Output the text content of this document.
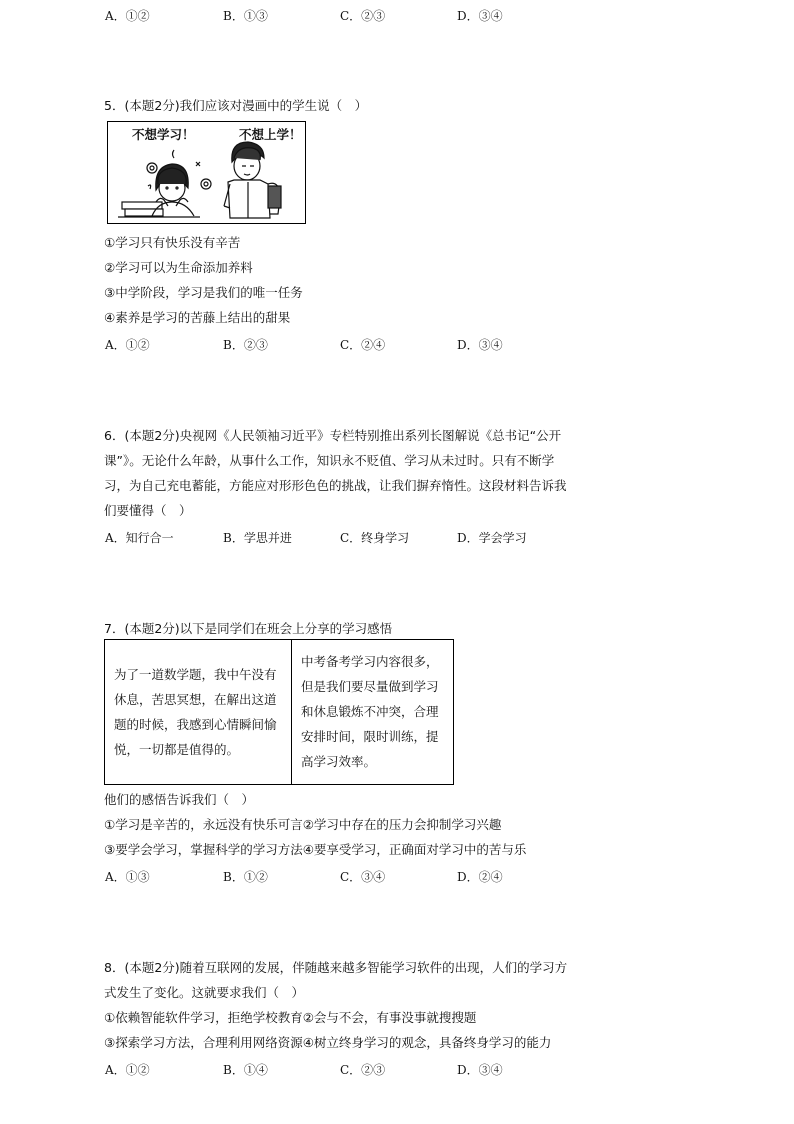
A．①②	B．①③	C．②③	D．③④
5．(本题2分)我们应该对漫画中的学生说（　）
不想学习！	不想上学！
①学习只有快乐没有辛苦
②学习可以为生命添加养料
③中学阶段，学习是我们的唯一任务
④素养是学习的苦藤上结出的甜果
A．①②	B．②③	C．②④	D．③④
6．(本题2分)央视网《人民领袖习近平》专栏特别推出系列长图解说《总书记“公开
课”》。无论什么年龄，从事什么工作，知识永不贬值、学习从未过时。只有不断学
习，为自己充电蓄能，方能应对形形色色的挑战，让我们摒弃惰性。这段材料告诉我
们要懂得（　）
A．知行合一	B．学思并进	C．终身学习	D．学会学习
7．(本题2分)以下是同学们在班会上分享的学习感悟
为了一道数学题，我中午没有
休息，苦思冥想，在解出这道
题的时候，我感到心情瞬间愉
悦，一切都是值得的。
中考备考学习内容很多，
但是我们要尽量做到学习
和休息锻炼不冲突，合理
安排时间，限时训练，提
高学习效率。
他们的感悟告诉我们（　）
①学习是辛苦的，永远没有快乐可言②学习中存在的压力会抑制学习兴趣
③要学会学习，掌握科学的学习方法④要享受学习，正确面对学习中的苦与乐
A．①③	B．①②	C．③④	D．②④
8．(本题2分)随着互联网的发展，伴随越来越多智能学习软件的出现，人们的学习方
式发生了变化。这就要求我们（　）
①依赖智能软件学习，拒绝学校教育②会与不会，有事没事就搜搜题
③探索学习方法，合理利用网络资源④树立终身学习的观念，具备终身学习的能力
A．①②	B．①④	C．②③	D．③④
